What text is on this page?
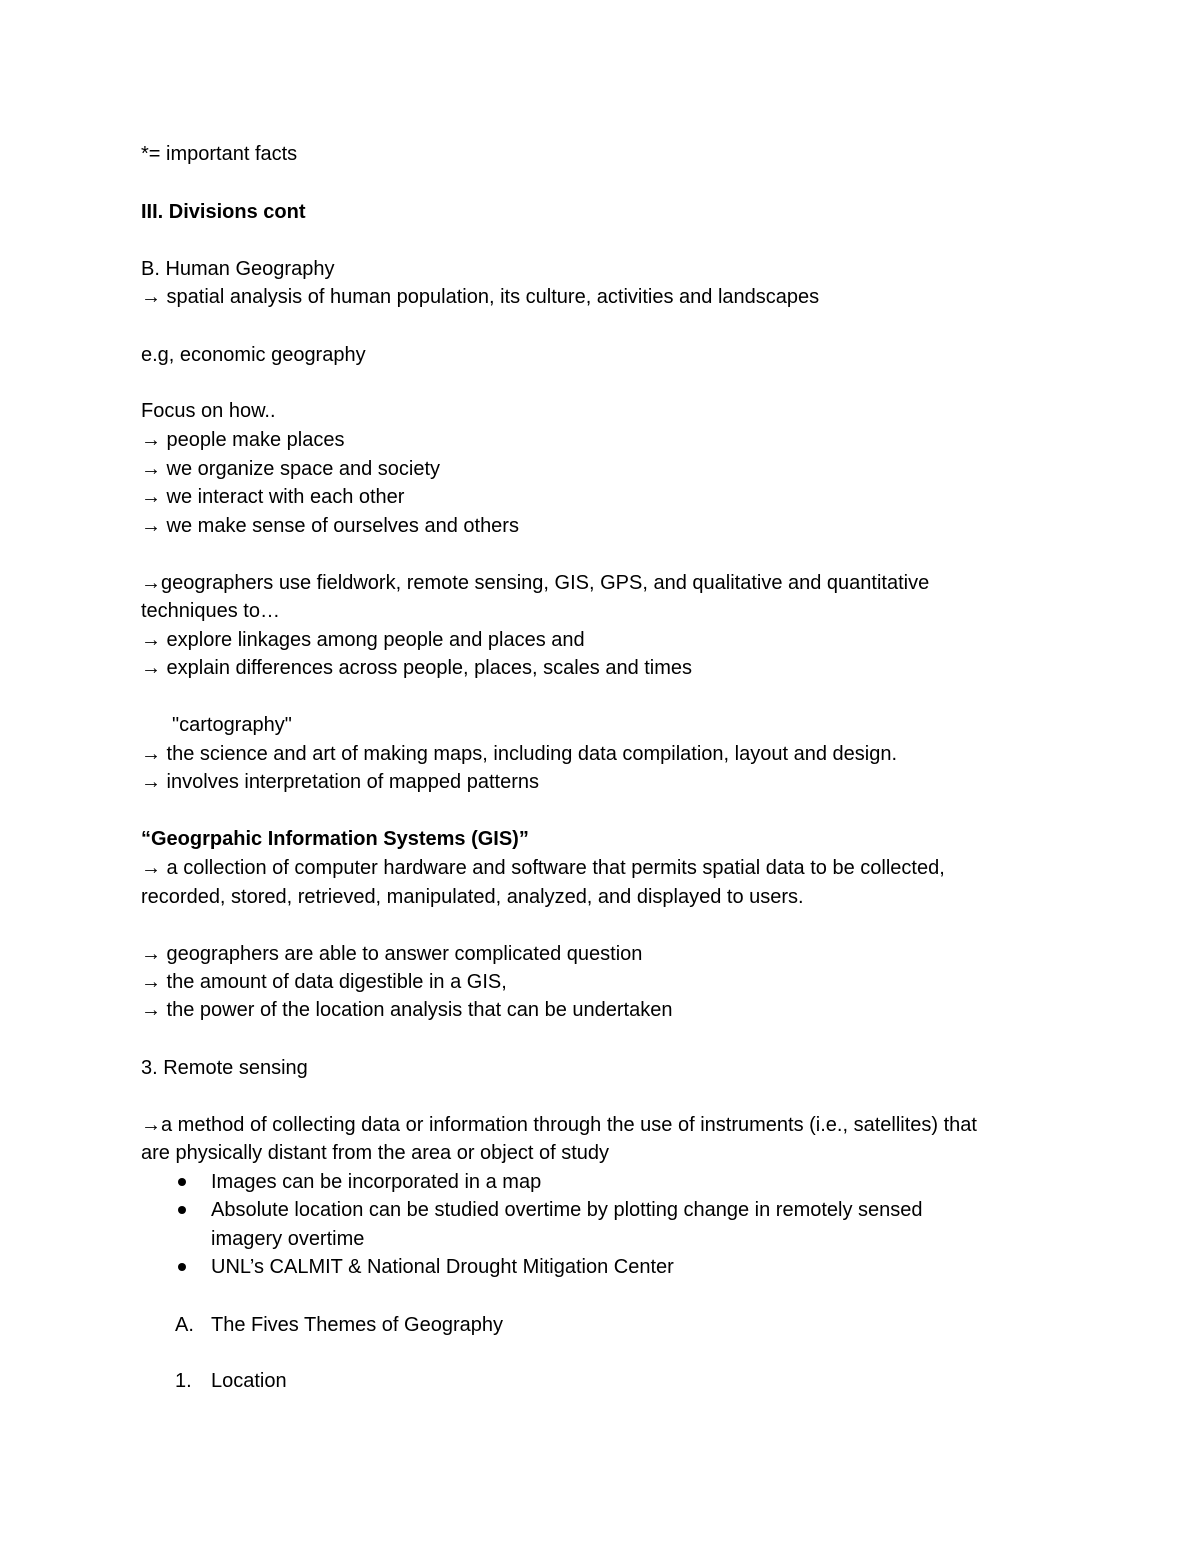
*= important facts
III. Divisions cont
B. Human Geography
→ spatial analysis of human population, its culture, activities and landscapes
e.g, economic geography
Focus on how..
→ people make places
→ we organize space and society
→ we interact with each other
→ we make sense of ourselves and others
→geographers use fieldwork, remote sensing, GIS, GPS, and qualitative and quantitative
techniques to…
→ explore linkages among people and places and
→ explain differences across people, places, scales and times
"cartography"
→ the science and art of making maps, including data compilation, layout and design.
→ involves interpretation of mapped patterns
“Geogrpahic Information Systems (GIS)”
→ a collection of computer hardware and software that permits spatial data to be collected,
recorded, stored, retrieved, manipulated, analyzed, and displayed to users.
→ geographers are able to answer complicated question
→ the amount of data digestible in a GIS,
→ the power of the location analysis that can be undertaken
3. Remote sensing
→a method of collecting data or information through the use of instruments (i.e., satellites) that
are physically distant from the area or object of study
Images can be incorporated in a map
Absolute location can be studied overtime by plotting change in remotely sensed
imagery overtime
UNL’s CALMIT & National Drought Mitigation Center
A. The Fives Themes of Geography
1. Location
